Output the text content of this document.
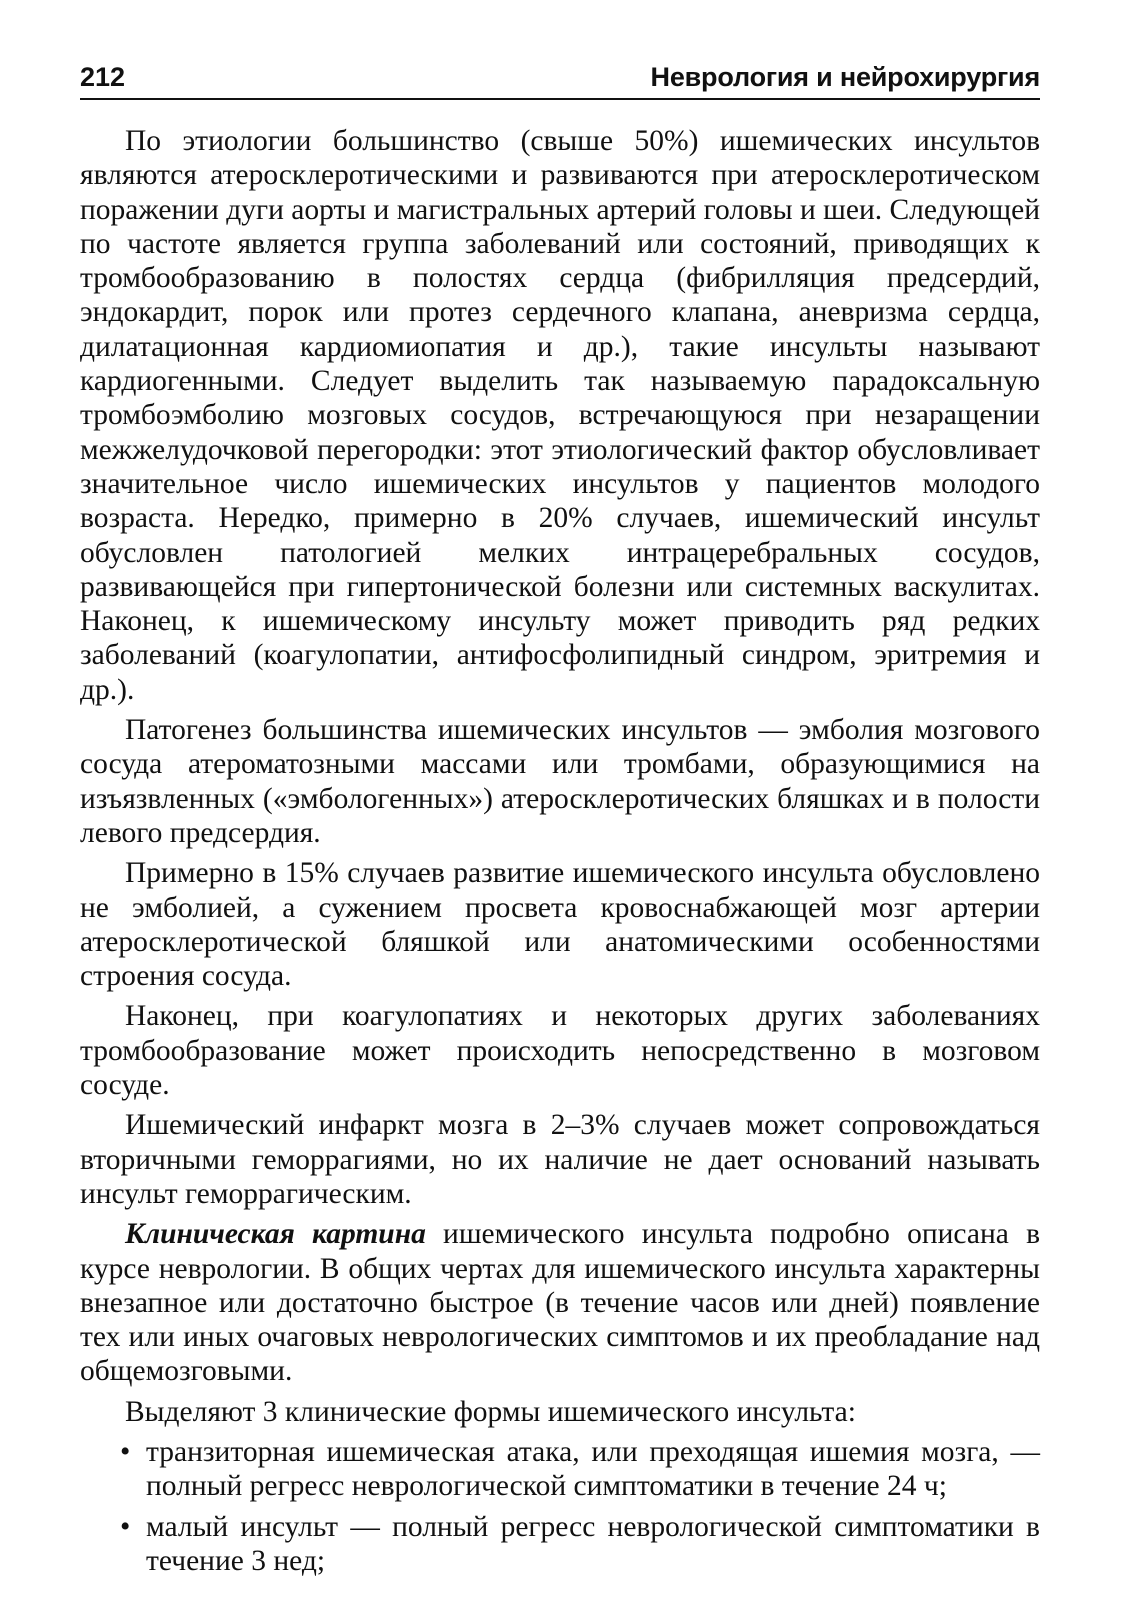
212	Неврология и нейрохирургия

По этиологии большинство (свыше 50%) ишемических инсультов являются атеросклеротическими и развиваются при атеросклеротическом поражении дуги аорты и магистральных артерий головы и шеи. Следующей по частоте является группа заболеваний или состояний, приводящих к тромбообразованию в полостях сердца (фибрилляция предсердий, эндокардит, порок или протез сердечного клапана, аневризма сердца, дилатационная кардиомиопатия и др.), такие инсульты называют кардиогенными. Следует выделить так называемую парадоксальную тромбоэмболию мозговых сосудов, встречающуюся при незаращении межжелудочковой перегородки: этот этиологический фактор обусловливает значительное число ишемических инсультов у пациентов молодого возраста. Нередко, примерно в 20% случаев, ишемический инсульт обусловлен патологией мелких интрацеребральных сосудов, развивающейся при гипертонической болезни или системных васкулитах. Наконец, к ишемическому инсульту может приводить ряд редких заболеваний (коагулопатии, антифосфолипидный синдром, эритремия и др.).

Патогенез большинства ишемических инсультов — эмболия мозгового сосуда атероматозными массами или тромбами, образующимися на изъязвленных («эмбологенных») атеросклеротических бляшках и в полости левого предсердия.

Примерно в 15% случаев развитие ишемического инсульта обусловлено не эмболией, а сужением просвета кровоснабжающей мозг артерии атеросклеротической бляшкой или анатомическими особенностями строения сосуда.

Наконец, при коагулопатиях и некоторых других заболеваниях тромбообразование может происходить непосредственно в мозговом сосуде.

Ишемический инфаркт мозга в 2–3% случаев может сопровождаться вторичными геморрагиями, но их наличие не дает оснований называть инсульт геморрагическим.

Клиническая картина ишемического инсульта подробно описана в курсе неврологии. В общих чертах для ишемического инсульта характерны внезапное или достаточно быстрое (в течение часов или дней) появление тех или иных очаговых неврологических симптомов и их преобладание над общемозговыми.

Выделяют 3 клинические формы ишемического инсульта:

• транзиторная ишемическая атака, или преходящая ишемия мозга, — полный регресс неврологической симптоматики в течение 24 ч;
• малый инсульт — полный регресс неврологической симптоматики в течение 3 нед;
